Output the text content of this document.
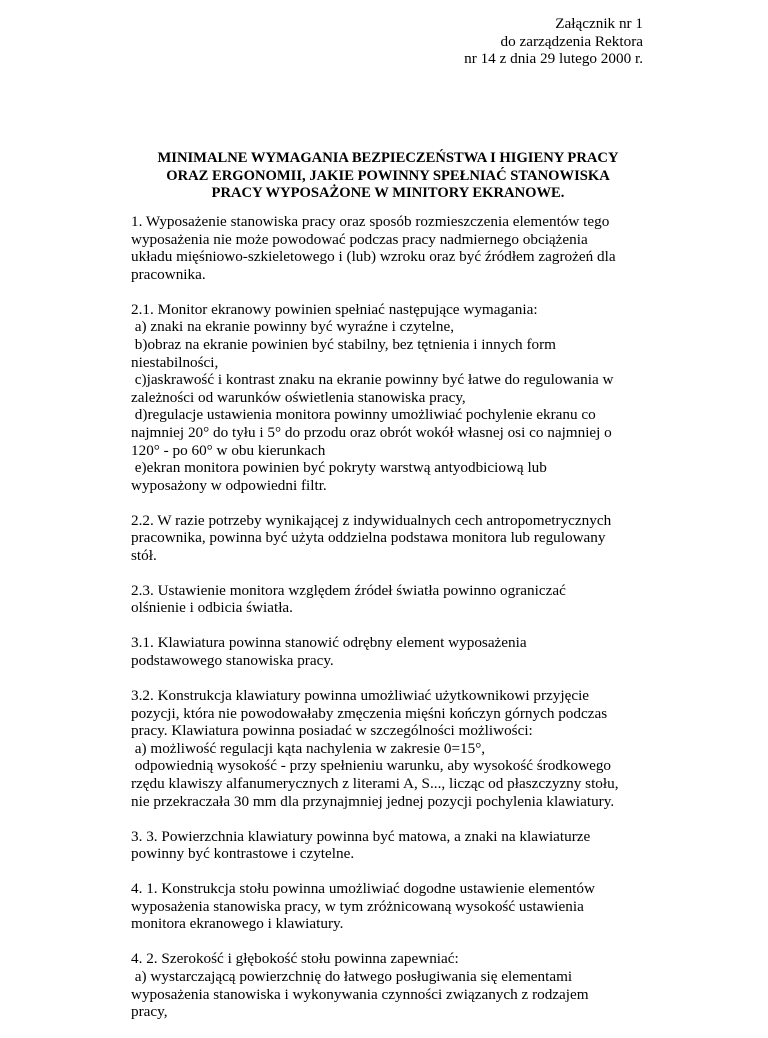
Załącznik nr 1
do zarządzenia Rektora
nr 14 z dnia 29 lutego 2000 r.
MINIMALNE WYMAGANIA BEZPIECZEŃSTWA I HIGIENY PRACY
ORAZ ERGONOMII, JAKIE POWINNY SPEŁNIAĆ STANOWISKA
PRACY WYPOSAŻONE W MINITORY EKRANOWE.
1. Wyposażenie stanowiska pracy oraz sposób rozmieszczenia elementów tego
wyposażenia nie może powodować podczas pracy nadmiernego obciążenia
układu mięśniowo-szkieletowego i (lub) wzroku oraz być źródłem zagrożeń dla
pracownika.
2.1. Monitor ekranowy powinien spełniać następujące wymagania:
a) znaki na ekranie powinny być wyraźne i czytelne,
b)obraz na ekranie powinien być stabilny, bez tętnienia i innych form
niestabilności,
c)jaskrawość i kontrast znaku na ekranie powinny być łatwe do regulowania w
zależności od warunków oświetlenia stanowiska pracy,
d)regulacje ustawienia monitora powinny umożliwiać pochylenie ekranu co
najmniej 20° do tyłu i 5° do przodu oraz obrót wokół własnej osi co najmniej o
120° - po 60° w obu kierunkach
e)ekran monitora powinien być pokryty warstwą antyodbiciową lub
wyposażony w odpowiedni filtr.
2.2. W razie potrzeby wynikającej z indywidualnych cech antropometrycznych
pracownika, powinna być użyta oddzielna podstawa monitora lub regulowany
stół.
2.3. Ustawienie monitora względem źródeł światła powinno ograniczać
olśnienie i odbicia światła.
3.1. Klawiatura powinna stanowić odrębny element wyposażenia
podstawowego stanowiska pracy.
3.2. Konstrukcja klawiatury powinna umożliwiać użytkownikowi przyjęcie
pozycji, która nie powodowałaby zmęczenia mięśni kończyn górnych podczas
pracy. Klawiatura powinna posiadać w szczególności możliwości:
a) możliwość regulacji kąta nachylenia w zakresie 0=15°,
odpowiednią wysokość - przy spełnieniu warunku, aby wysokość środkowego
rzędu klawiszy alfanumerycznych z literami A, S..., licząc od płaszczyzny stołu,
nie przekraczała 30 mm dla przynajmniej jednej pozycji pochylenia klawiatury.
3. 3. Powierzchnia klawiatury powinna być matowa, a znaki na klawiaturze
powinny być kontrastowe i czytelne.
4. 1. Konstrukcja stołu powinna umożliwiać dogodne ustawienie elementów
wyposażenia stanowiska pracy, w tym zróżnicowaną wysokość ustawienia
monitora ekranowego i klawiatury.
4. 2. Szerokość i głębokość stołu powinna zapewniać:
a) wystarczającą powierzchnię do łatwego posługiwania się elementami
wyposażenia stanowiska i wykonywania czynności związanych z rodzajem
pracy,
